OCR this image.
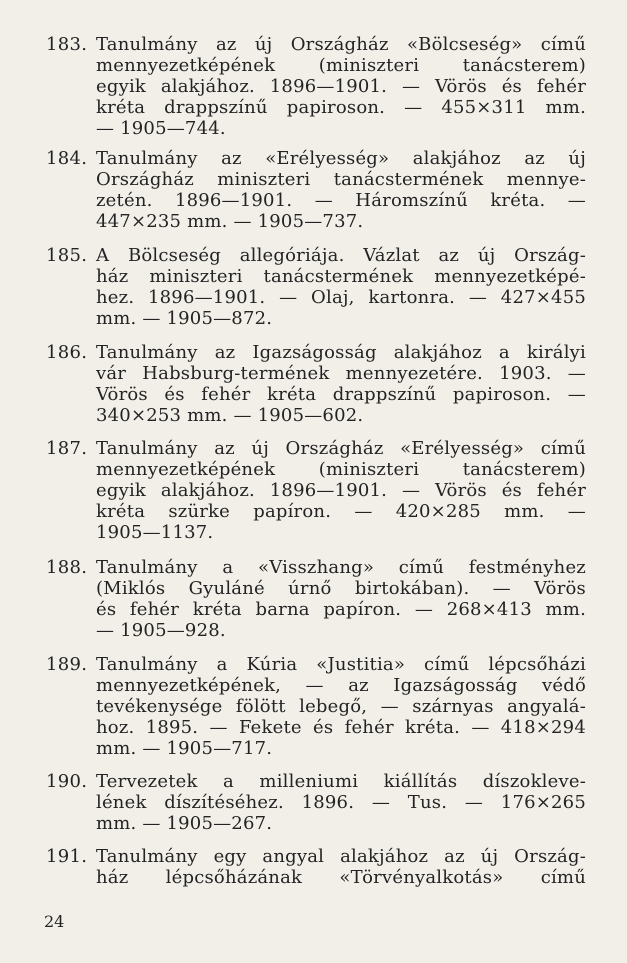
183. Tanulmány az új Országház «Bölcseség» című
mennyezetképének (miniszteri tanácsterem)
egyik alakjához. 1896—1901. — Vörös és fehér
kréta drappszínű papiroson. — 455×311 mm.
— 1905—744.
184. Tanulmány az «Erélyesség» alakjához az új
Országház miniszteri tanácstermének mennye-
zetén. 1896—1901. — Háromszínű kréta. —
447×235 mm. — 1905—737.
185. A Bölcseség allegóriája. Vázlat az új Ország-
ház miniszteri tanácstermének mennyezetképé-
hez. 1896—1901. — Olaj, kartonra. — 427×455
mm. — 1905—872.
186. Tanulmány az Igazságosság alakjához a királyi
vár Habsburg-termének mennyezetére. 1903. —
Vörös és fehér kréta drappszínű papiroson. —
340×253 mm. — 1905—602.
187. Tanulmány az új Országház «Erélyesség» című
mennyezetképének (miniszteri tanácsterem)
egyik alakjához. 1896—1901. — Vörös és fehér
kréta szürke papíron. — 420×285 mm. —
1905—1137.
188. Tanulmány a «Visszhang» című festményhez
(Miklós Gyuláné úrnő birtokában). — Vörös
és fehér kréta barna papíron. — 268×413 mm.
— 1905—928.
189. Tanulmány a Kúria «Justitia» című lépcsőházi
mennyezetképének, — az Igazságosság védő
tevékenysége fölött lebegő, — szárnyas angyalá-
hoz. 1895. — Fekete és fehér kréta. — 418×294
mm. — 1905—717.
190. Tervezetek a milleniumi kiállítás díszokleve-
lének díszítéséhez. 1896. — Tus. — 176×265
mm. — 1905—267.
191. Tanulmány egy angyal alakjához az új Ország-
ház lépcsőházának «Törvényalkotás» című
24
